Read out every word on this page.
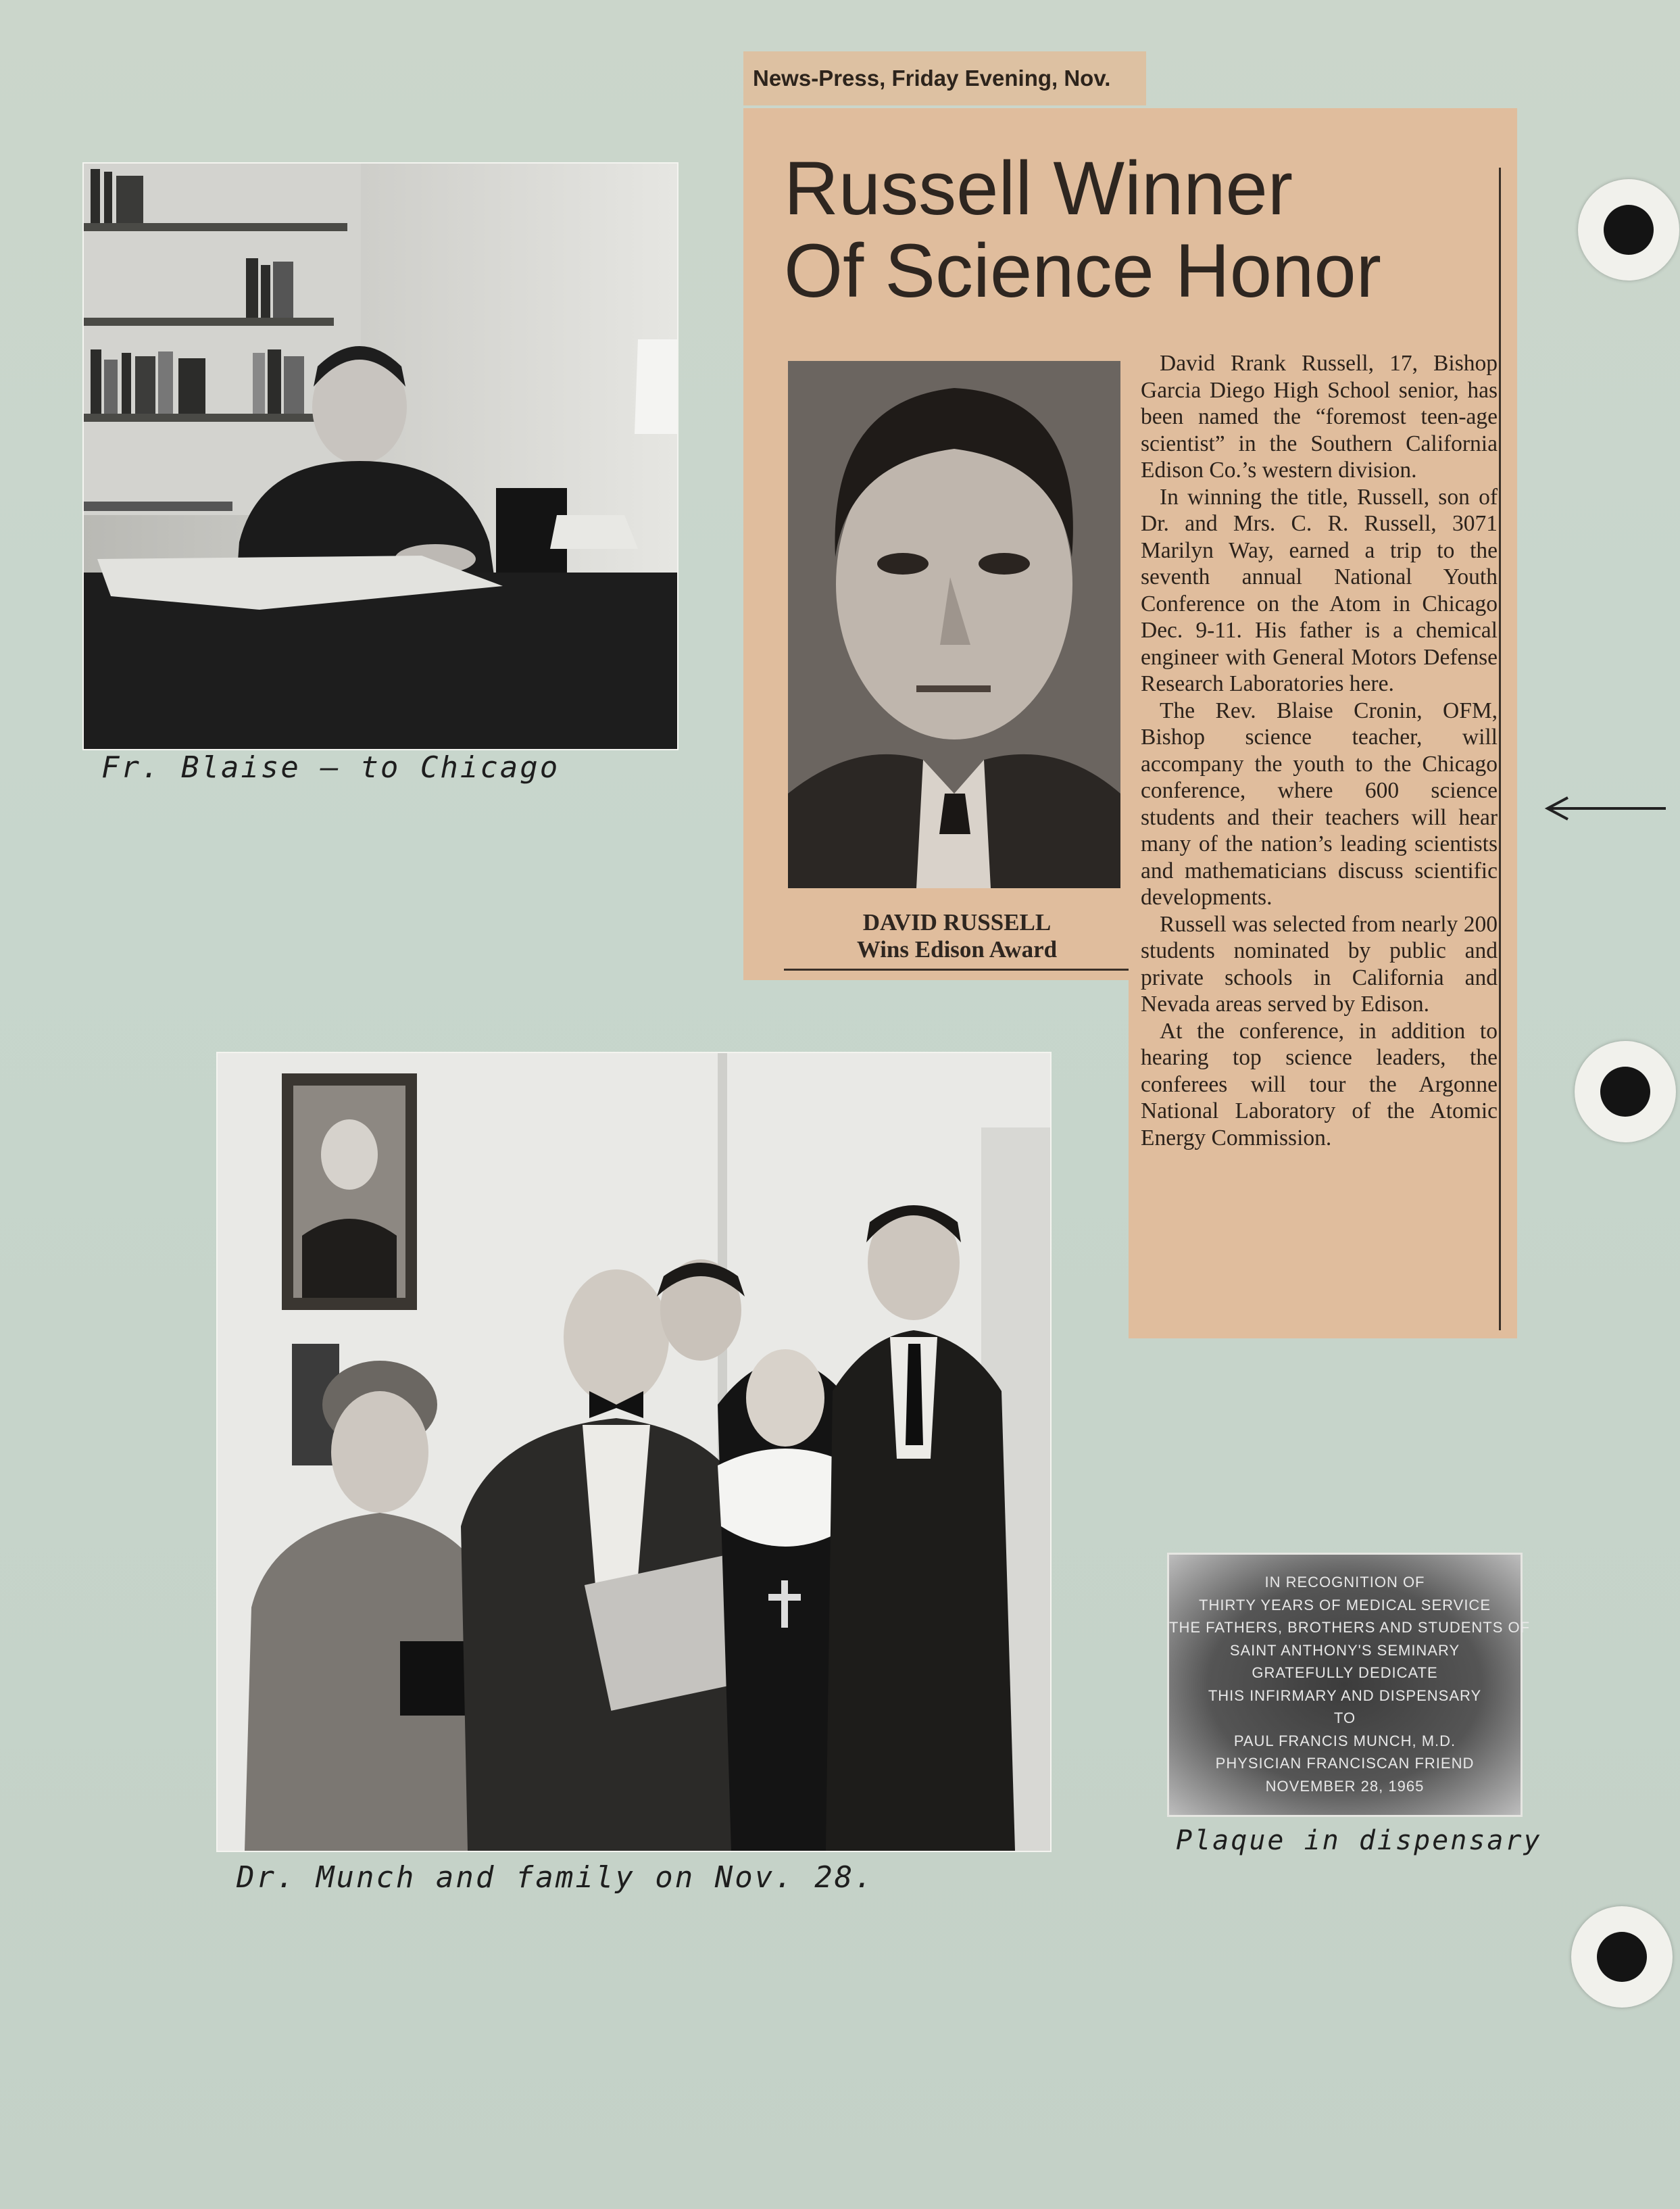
Fr. Blaise — to Chicago
News-Press, Friday Evening, Nov.
Russell Winner
Of Science Honor
DAVID RUSSELL
Wins Edison Award

David Rrank Russell, 17, Bishop Garcia Diego High School senior, has been named the “foremost teen-age scientist” in the Southern California Edison Co.’s western division.

In winning the title, Russell, son of Dr. and Mrs. C. R. Russell, 3071 Marilyn Way, earned a trip to the seventh annual National Youth Conference on the Atom in Chicago Dec. 9-11. His father is a chemical engineer with General Motors Defense Research Laboratories here.

The Rev. Blaise Cronin, OFM, Bishop science teacher, will accompany the youth to the Chicago conference, where 600 science students and their teachers will hear many of the nation’s leading scientists and mathematicians discuss scientific developments.

Russell was selected from nearly 200 students nominated by public and private schools in California and Nevada areas served by Edison.

At the conference, in addition to hearing top science leaders, the conferees will tour the Argonne National Laboratory of the Atomic Energy Commission.

Dr. Munch and family on Nov. 28.
IN RECOGNITION OF
THIRTY YEARS OF MEDICAL SERVICE
THE FATHERS, BROTHERS AND STUDENTS OF
SAINT ANTHONY'S SEMINARY
GRATEFULLY DEDICATE
THIS INFIRMARY AND DISPENSARY
TO
PAUL FRANCIS MUNCH, M.D.
PHYSICIAN FRANCISCAN FRIEND
NOVEMBER 28, 1965
Plaque in dispensary
